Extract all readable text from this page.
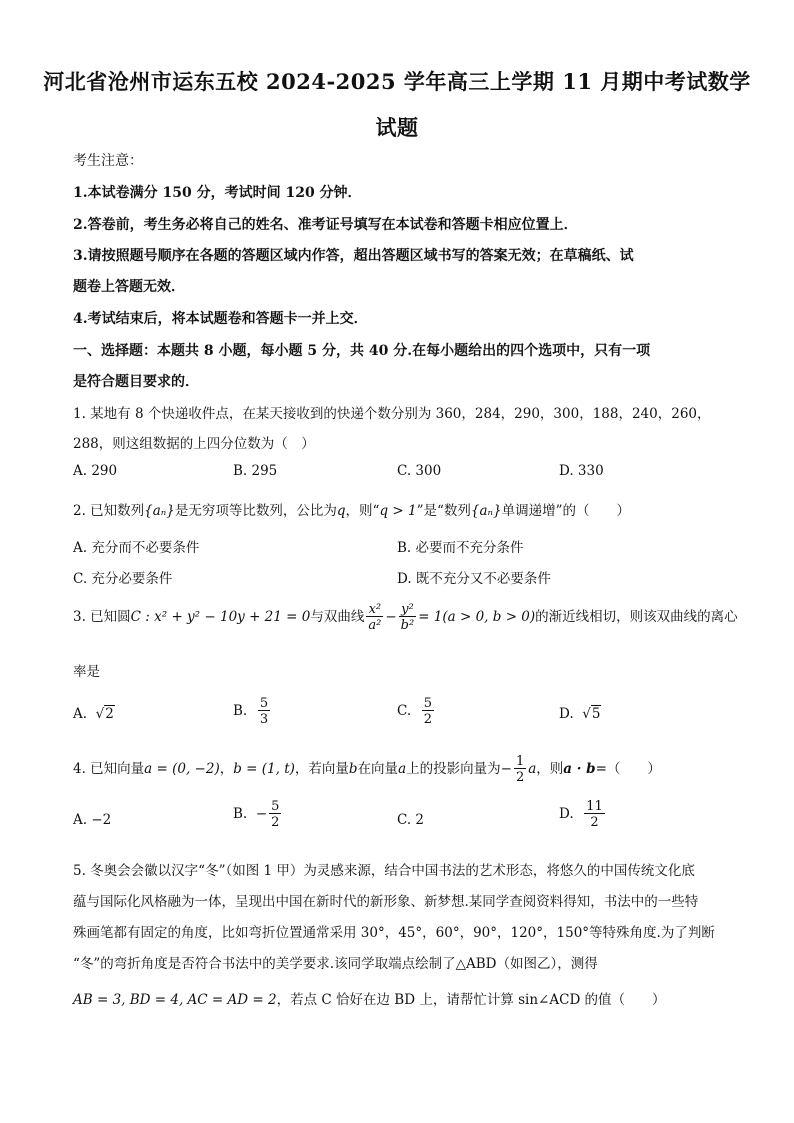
河北省沧州市运东五校 2024-2025 学年高三上学期 11 月期中考试数学
试题
考生注意：
1.本试卷满分 150 分，考试时间 120 分钟．
2.答卷前，考生务必将自己的姓名、准考证号填写在本试卷和答题卡相应位置上．
3.请按照题号顺序在各题的答题区域内作答，超出答题区域书写的答案无效；在草稿纸、试
题卷上答题无效．
4.考试结束后，将本试题卷和答题卡一并上交．
一、选择题：本题共 8 小题，每小题 5 分，共 40 分.在每小题给出的四个选项中，只有一项
是符合题目要求的．
1. 某地有 8 个快递收件点，在某天接收到的快递个数分别为 360，284，290，300，188，240，260，
288，则这组数据的上四分位数为（　）
A. 290	B. 295	C. 300	D. 330
2. 已知数列{aₙ}是无穷项等比数列，公比为q，则“q > 1”是“数列{aₙ}单调递增”的（　　）
A. 充分而不必要条件	B. 必要而不充分条件
C. 充分必要条件	D. 既不充分又不必要条件
3. 已知圆C : x² + y² − 10y + 21 = 0与双曲线 $\frac{\text{x²}}{\text{a²}} - \frac{\text{y²}}{\text{b²}} = 1(a > 0$, b > 0)的渐近线相切，则该双曲线的离心
率是
A. √2	B. $\frac{5}{3}$	C. $\frac{5}{2}$	D. √5
4. 已知向量a = (0, −2)，b = (1, t)，若向量b在向量a上的投影向量为− $\frac{1}{2}$ a，则a · b=（　　）
A. −2	B. − $\frac{5}{2}$	C. 2	D. $\frac{11}{2}$
5. 冬奥会会徽以汉字“冬”（如图 1 甲）为灵感来源，结合中国书法的艺术形态，将悠久的中国传统文化底
蕴与国际化风格融为一体，呈现出中国在新时代的新形象、新梦想.某同学查阅资料得知，书法中的一些特
殊画笔都有固定的角度，比如弯折位置通常采用 30°，45°，60°，90°，120°，150°等特殊角度.为了判断
“冬”的弯折角度是否符合书法中的美学要求.该同学取端点绘制了△ABD（如图乙），测得
AB = 3, BD = 4, AC = AD = 2，若点 C 恰好在边 BD 上，请帮忙计算 sin∠ACD 的值（　　）
